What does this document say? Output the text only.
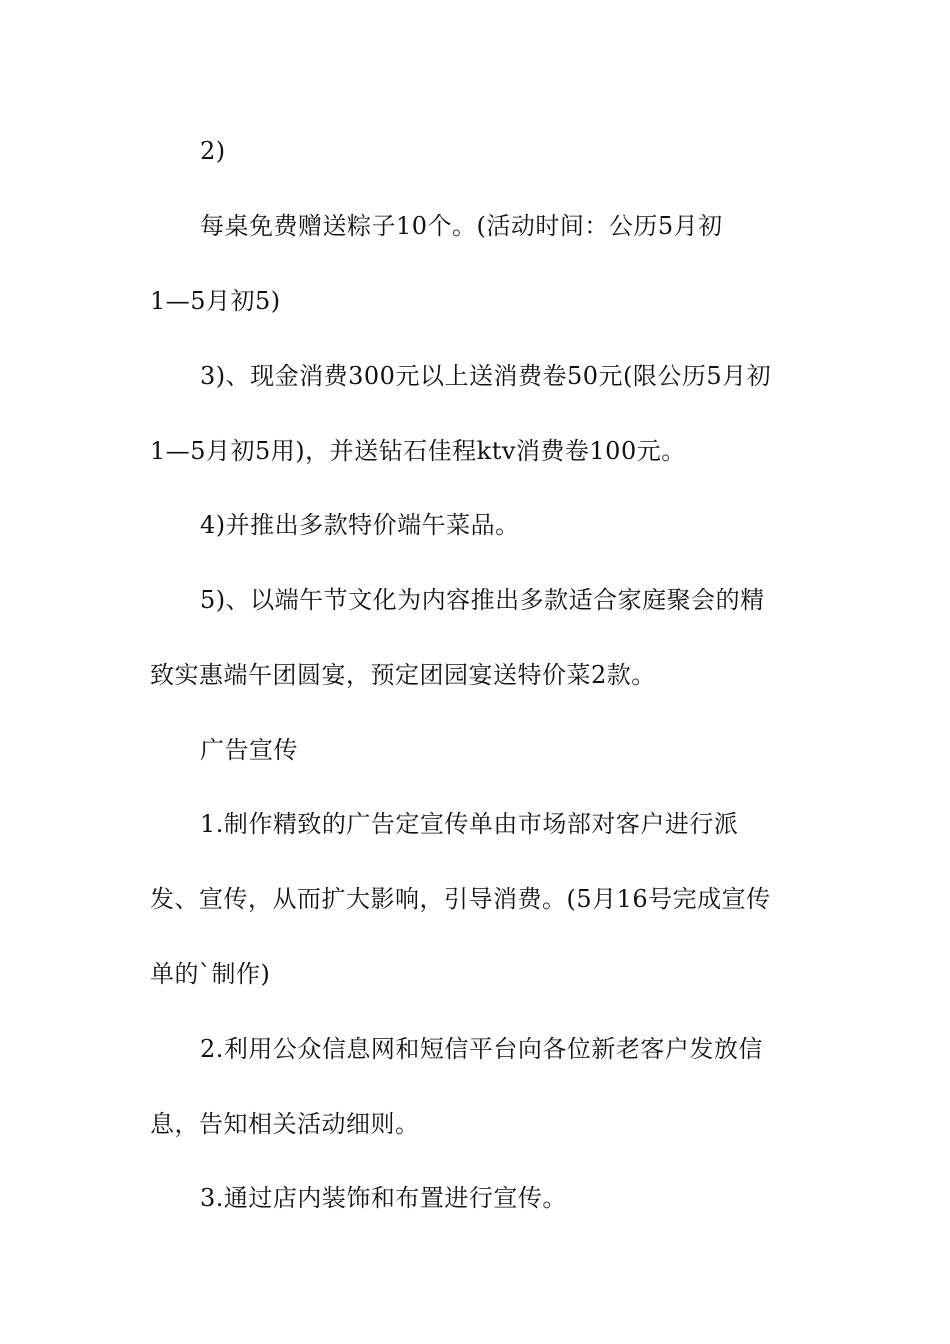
2)
每桌免费赠送粽子10个。(活动时间：公历5月初
1—5月初5)
3)、现金消费300元以上送消费卷50元(限公历5月初
1—5月初5用)，并送钻石佳程ktv消费卷100元。
4)并推出多款特价端午菜品。
5)、以端午节文化为内容推出多款适合家庭聚会的精
致实惠端午团圆宴，预定团园宴送特价菜2款。
广告宣传
1.制作精致的广告定宣传单由市场部对客户进行派
发、宣传，从而扩大影响，引导消费。(5月16号完成宣传
单的`制作)
2.利用公众信息网和短信平台向各位新老客户发放信
息，告知相关活动细则。
3.通过店内装饰和布置进行宣传。
